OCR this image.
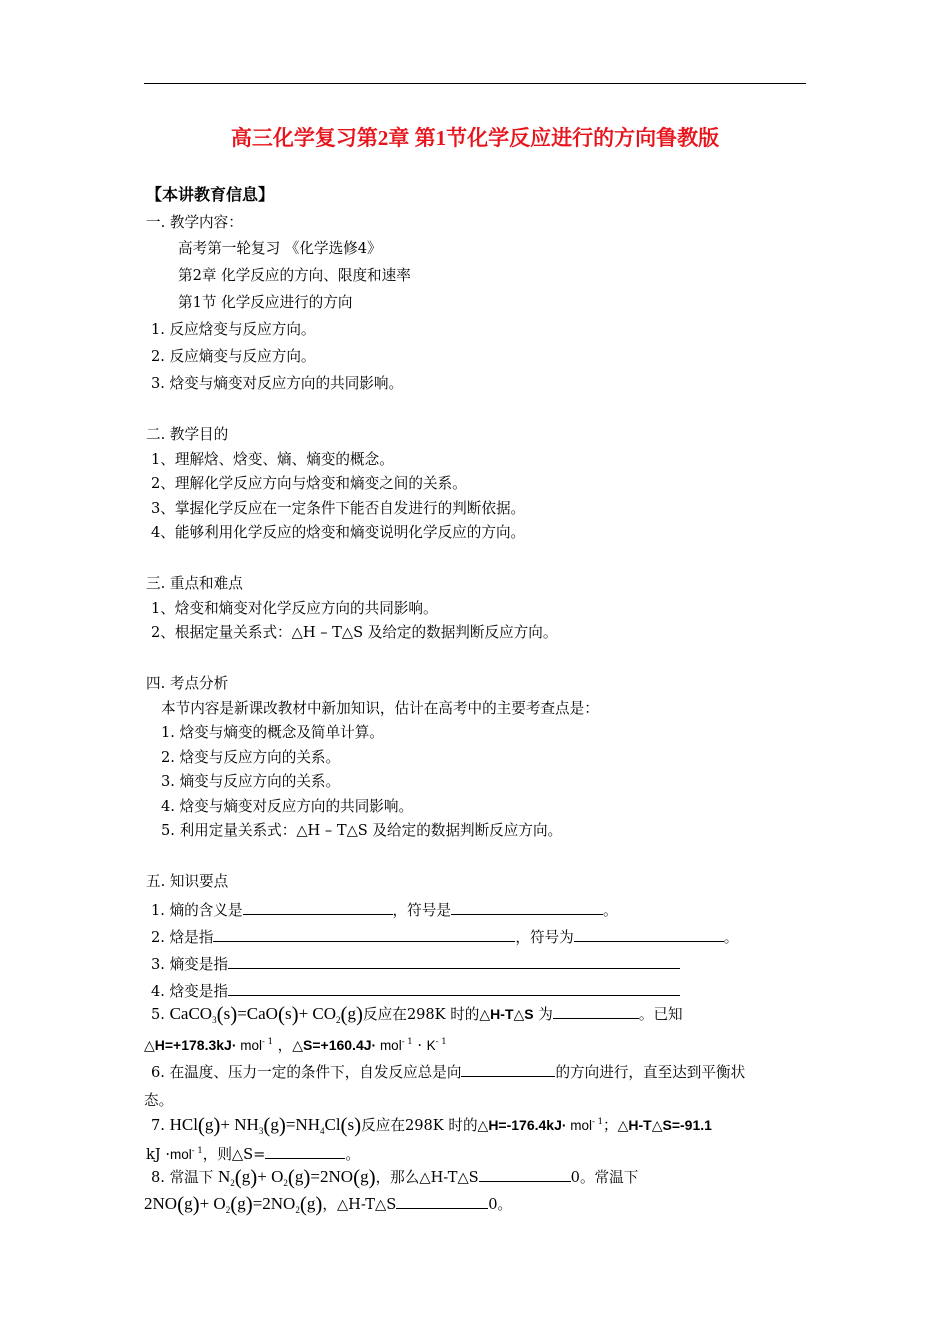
高三化学复习第2章 第1节化学反应进行的方向鲁教版
【本讲教育信息】
一. 教学内容：
高考第一轮复习 《化学选修4》
第2章 化学反应的方向、限度和速率
第1节 化学反应进行的方向
1. 反应焓变与反应方向。
2. 反应熵变与反应方向。
3. 焓变与熵变对反应方向的共同影响。
二. 教学目的
1、理解焓、焓变、熵、熵变的概念。
2、理解化学反应方向与焓变和熵变之间的关系。
3、掌握化学反应在一定条件下能否自发进行的判断依据。
4、能够利用化学反应的焓变和熵变说明化学反应的方向。
三. 重点和难点
1、焓变和熵变对化学反应方向的共同影响。
2、根据定量关系式：△H – T△S 及给定的数据判断反应方向。
四. 考点分析
本节内容是新课改教材中新加知识，估计在高考中的主要考查点是：
1. 焓变与熵变的概念及简单计算。
2. 焓变与反应方向的关系。
3. 熵变与反应方向的关系。
4. 焓变与熵变对反应方向的共同影响。
5. 利用定量关系式：△H – T△S 及给定的数据判断反应方向。
五. 知识要点
1. 熵的含义是	，符号是	。
2. 焓是指	，符号为	。
3. 熵变是指
4. 焓变是指
5. CaCO$_3$(s)=CaO(s)+ $CO_2(g)$反应在298K 时的△H-T△S 为	。已知
△H=+178.3kJ· mol$^{- 1}$ ，△S=+160.4J· $mol^{- 1} \cdot K^{- 1}$
6. 在温度、压力一定的条件下，自发反应总是向	的方向进行，直至达到平衡状
态。
7. $HCl(g)+ NH_3(g)=NH_4Cl(s)$反应在298K 时的△H=-176.4kJ· mol$^{- 1}$；△H-T△S=-91.1
kJ ·mol$^{- 1}$，则△S=	。
8. 常温下 $N_2(g)+ O_2(g)=2NO(g)$，那么△H-T△S	0。常温下
$2NO(g)+ O_2(g)=2NO_2(g)$，△H-T△S	0。
